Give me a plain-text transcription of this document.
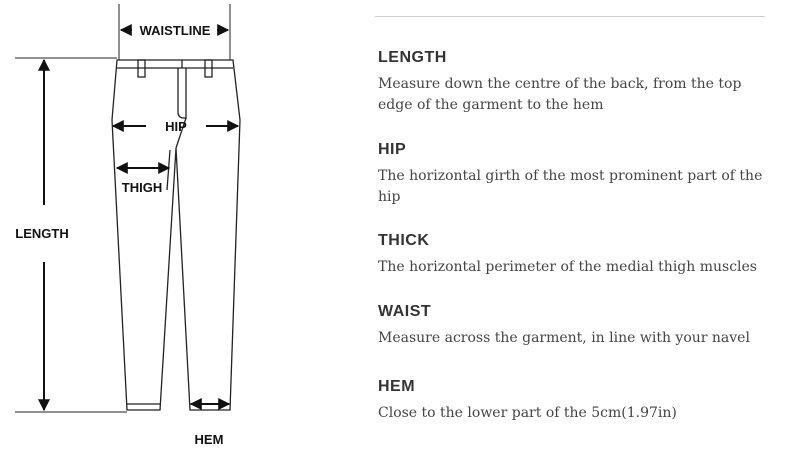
WAISTLINE
LENGTH
HIP
THIGH
HEM
LENGTH

Measure down the centre of the back, from the top edge of the garment to the hem

HIP

The horizontal girth of the most prominent part of the hip

THICK

The horizontal perimeter of the medial thigh muscles

WAIST

Measure across the garment, in line with your navel

HEM

Close to the lower part of the 5cm(1.97in)
